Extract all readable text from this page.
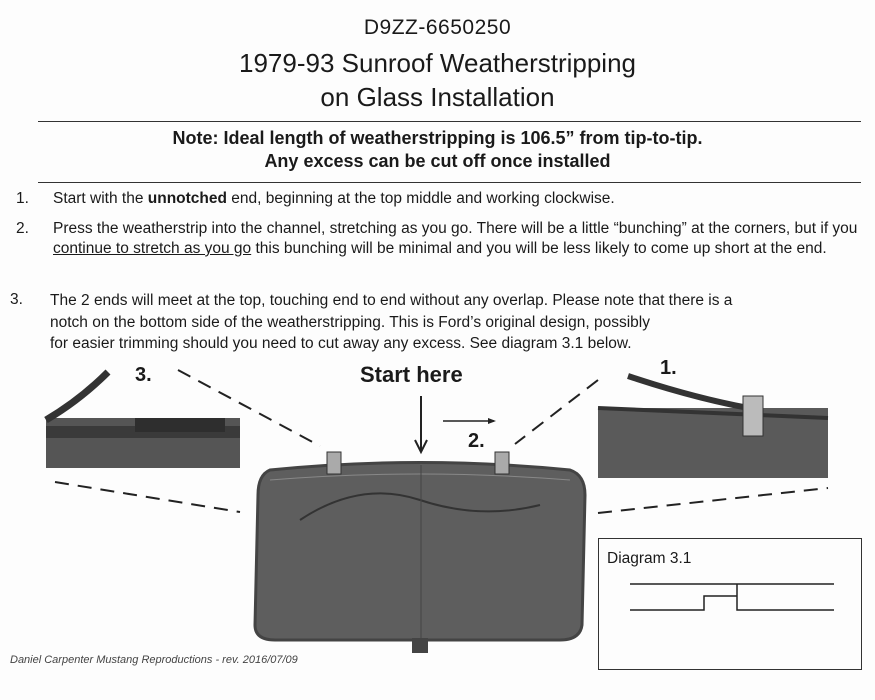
D9ZZ-6650250
1979-93 Sunroof Weatherstripping
on Glass Installation
Note: Ideal length of weatherstripping is 106.5” from tip-to-tip.
Any excess can be cut off once installed
1. Start with the unnotched end, beginning at the top middle and working clockwise.
2. Press the weatherstrip into the channel, stretching as you go. There will be a little “bunching” at the corners, but if you continue to stretch as you go this bunching will be minimal and you will be less likely to come up short at the end.
3. The 2 ends will meet at the top, touching end to end without any overlap. Please note that there is a
notch on the bottom side of the weatherstripping. This is Ford’s original design, possibly
for easier trimming should you need to cut away any excess. See diagram 3.1 below.
3.	Start here	1.
2.
Diagram 3.1
Daniel Carpenter Mustang Reproductions - rev. 2016/07/09
